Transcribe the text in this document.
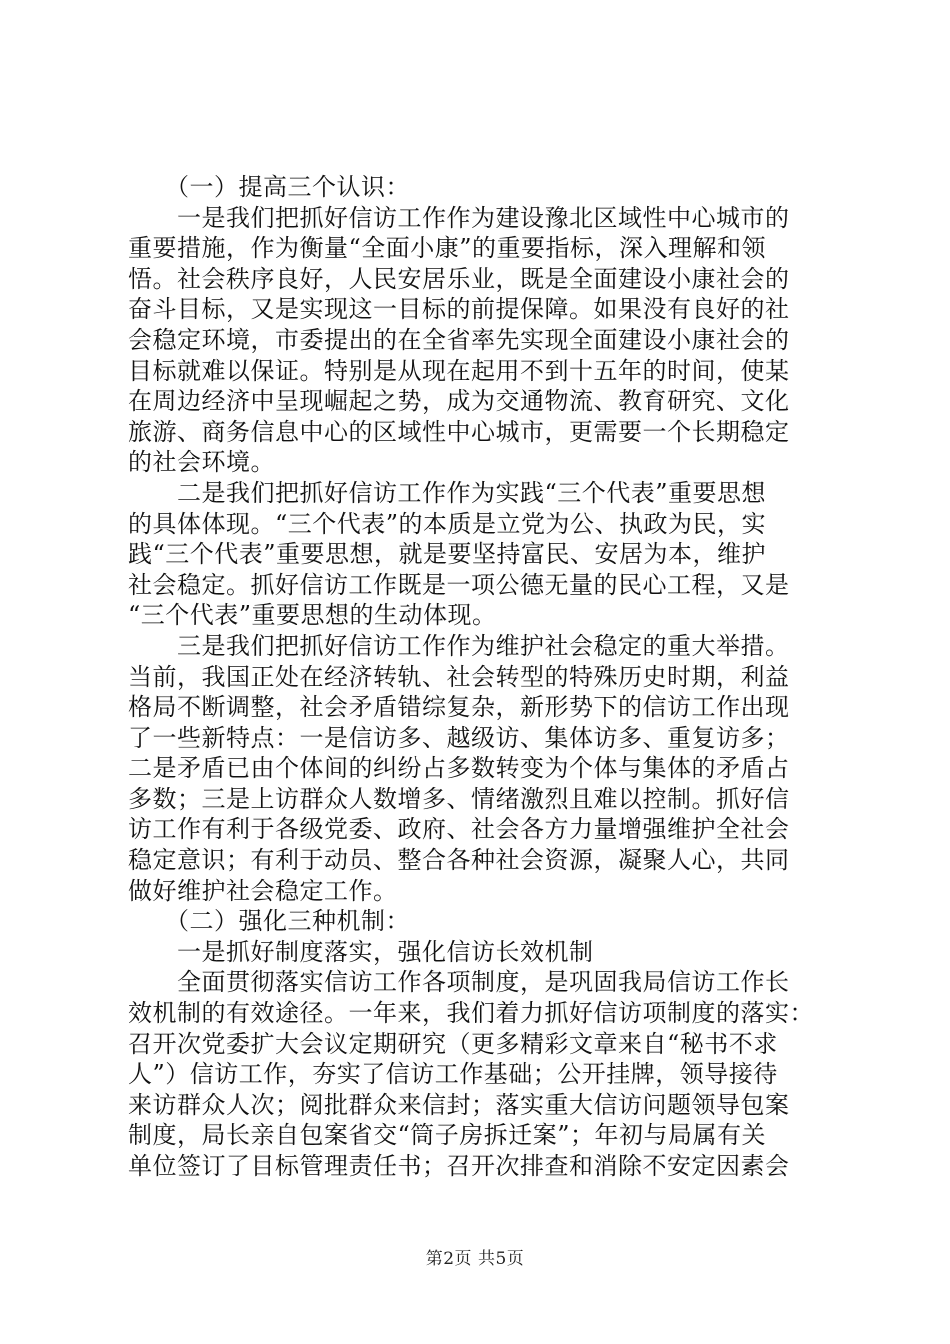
　　（一）提高三个认识：
　　一是我们把抓好信访工作作为建设豫北区域性中心城市的
重要措施，作为衡量“全面小康”的重要指标，深入理解和领
悟。社会秩序良好，人民安居乐业，既是全面建设小康社会的
奋斗目标，又是实现这一目标的前提保障。如果没有良好的社
会稳定环境，市委提出的在全省率先实现全面建设小康社会的
目标就难以保证。特别是从现在起用不到十五年的时间，使某
在周边经济中呈现崛起之势，成为交通物流、教育研究、文化
旅游、商务信息中心的区域性中心城市，更需要一个长期稳定
的社会环境。
　　二是我们把抓好信访工作作为实践“三个代表”重要思想
的具体体现。“三个代表”的本质是立党为公、执政为民，实
践“三个代表”重要思想，就是要坚持富民、安居为本，维护
社会稳定。抓好信访工作既是一项公德无量的民心工程，又是
“三个代表”重要思想的生动体现。
　　三是我们把抓好信访工作作为维护社会稳定的重大举措。
当前，我国正处在经济转轨、社会转型的特殊历史时期，利益
格局不断调整，社会矛盾错综复杂，新形势下的信访工作出现
了一些新特点：一是信访多、越级访、集体访多、重复访多；
二是矛盾已由个体间的纠纷占多数转变为个体与集体的矛盾占
多数；三是上访群众人数增多、情绪激烈且难以控制。抓好信
访工作有利于各级党委、政府、社会各方力量增强维护全社会
稳定意识；有利于动员、整合各种社会资源，凝聚人心，共同
做好维护社会稳定工作。
　　（二）强化三种机制：
　　一是抓好制度落实，强化信访长效机制
　　全面贯彻落实信访工作各项制度，是巩固我局信访工作长
效机制的有效途径。一年来，我们着力抓好信访项制度的落实：
召开次党委扩大会议定期研究（更多精彩文章来自“秘书不求
人”）信访工作，夯实了信访工作基础；公开挂牌，领导接待
来访群众人次；阅批群众来信封；落实重大信访问题领导包案
制度，局长亲自包案省交“筒子房拆迁案”；年初与局属有关
单位签订了目标管理责任书；召开次排查和消除不安定因素会
第2页 共5页
